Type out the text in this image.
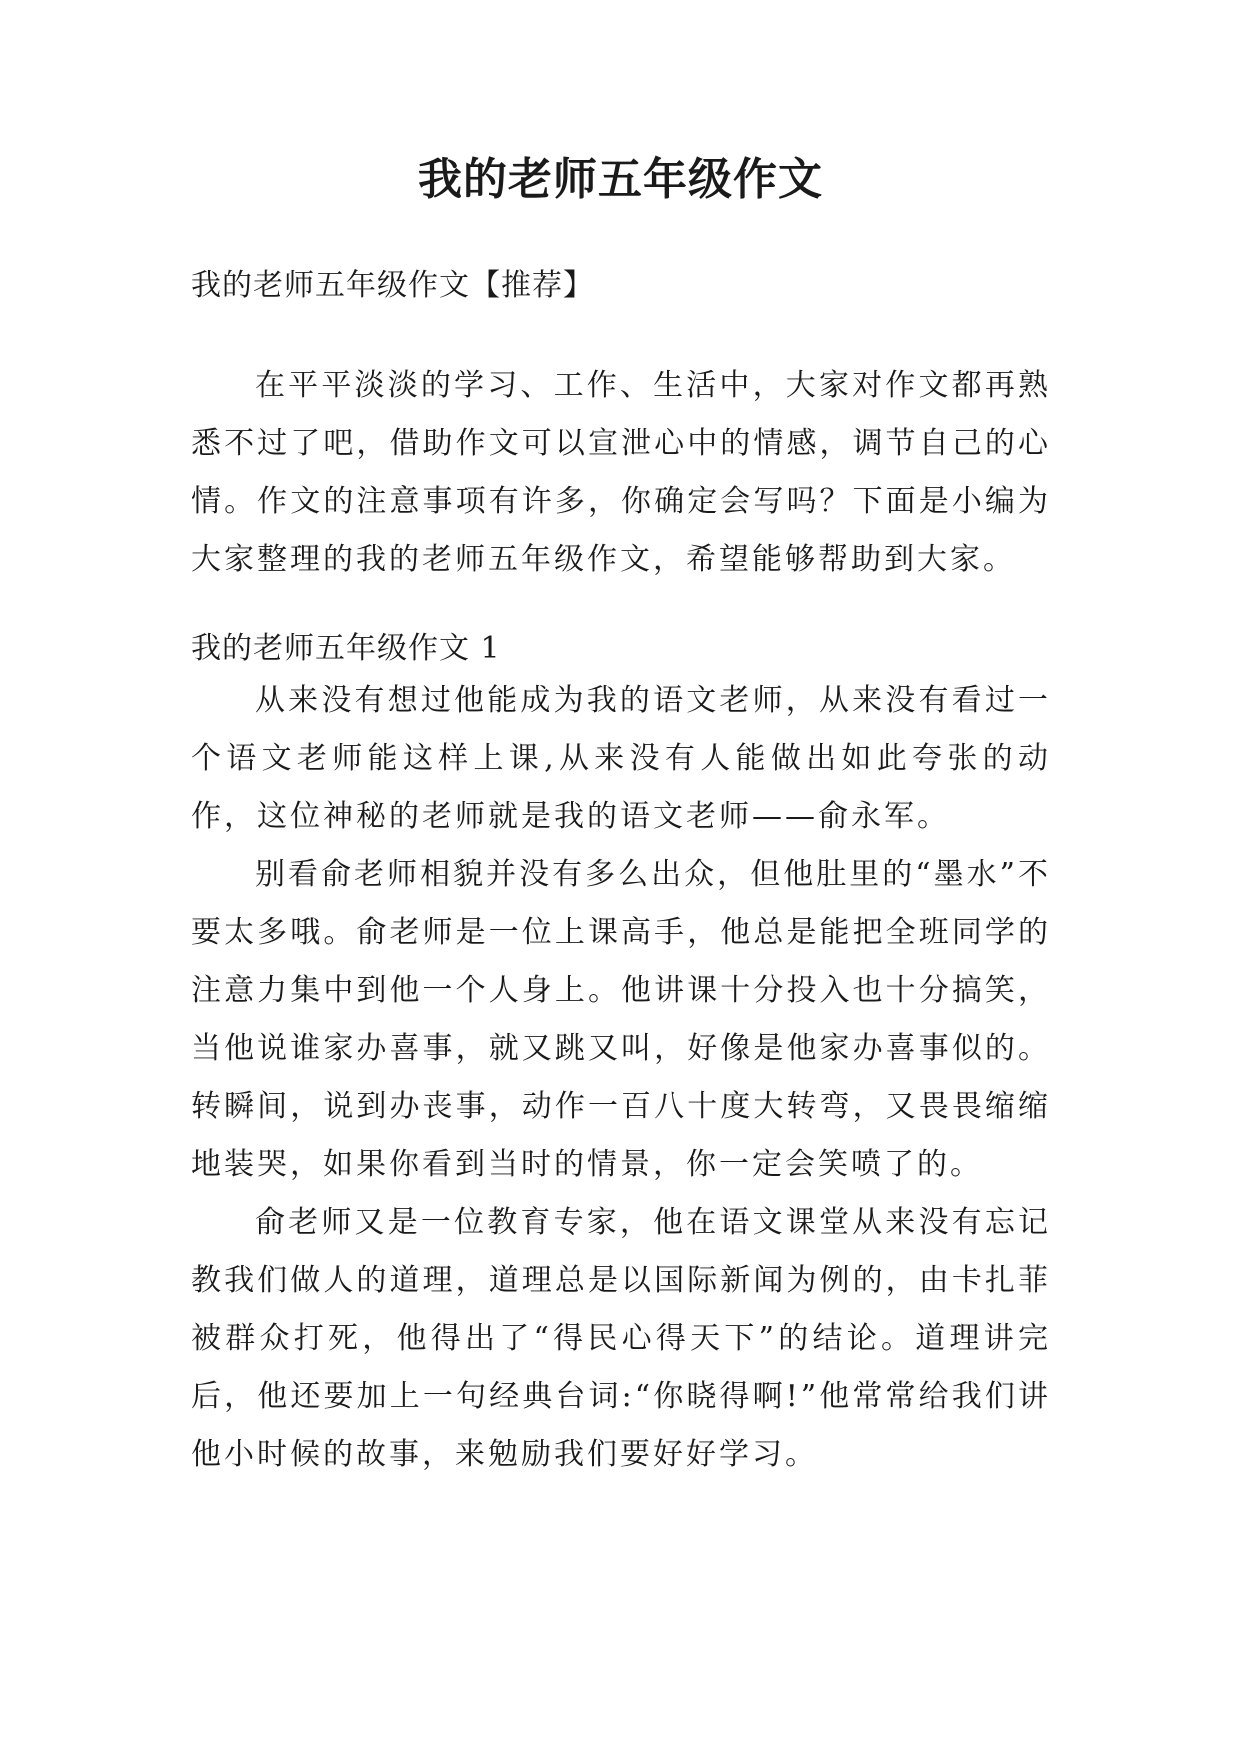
我的老师五年级作文
我的老师五年级作文【推荐】

在平平淡淡的学习、工作、生活中，大家对作文都再熟悉不过了吧，借助作文可以宣泄心中的情感，调节自己的心情。作文的注意事项有许多，你确定会写吗？下面是小编为大家整理的我的老师五年级作文，希望能够帮助到大家。

我的老师五年级作文 1

从来没有想过他能成为我的语文老师，从来没有看过一个语文老师能这样上课,从来没有人能做出如此夸张的动作，这位神秘的老师就是我的语文老师——俞永军。

别看俞老师相貌并没有多么出众，但他肚里的“墨水”不要太多哦。俞老师是一位上课高手，他总是能把全班同学的注意力集中到他一个人身上。他讲课十分投入也十分搞笑，当他说谁家办喜事，就又跳又叫，好像是他家办喜事似的。转瞬间，说到办丧事，动作一百八十度大转弯，又畏畏缩缩地装哭，如果你看到当时的情景，你一定会笑喷了的。

俞老师又是一位教育专家，他在语文课堂从来没有忘记教我们做人的道理，道理总是以国际新闻为例的，由卡扎菲被群众打死，他得出了“得民心得天下”的结论。道理讲完后，他还要加上一句经典台词:“你晓得啊!”他常常给我们讲他小时候的故事，来勉励我们要好好学习。
